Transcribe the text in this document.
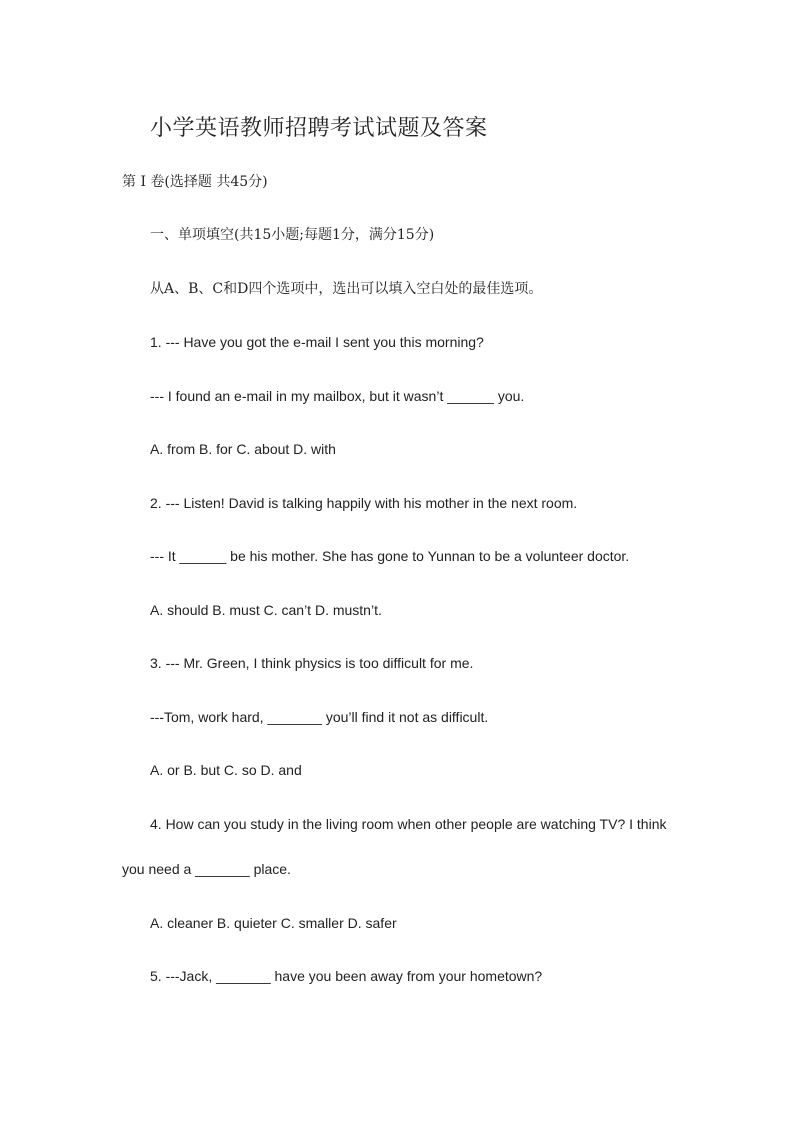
小学英语教师招聘考试试题及答案
第 I 卷(选择题 共45分)
一、单项填空(共15小题;每题1分，满分15分)
从A、B、C和D四个选项中，选出可以填入空白处的最佳选项。
1. --- Have you got the e-mail I sent you this morning?
--- I found an e-mail in my mailbox, but it wasn’t ______ you.
A. from B. for C. about D. with
2. --- Listen! David is talking happily with his mother in the next room.
--- It ______ be his mother. She has gone to Yunnan to be a volunteer doctor.
A. should B. must C. can’t D. mustn’t.
3. --- Mr. Green, I think physics is too difficult for me.
---Tom, work hard, _______ you’ll find it not as difficult.
A. or B. but C. so D. and
4. How can you study in the living room when other people are watching TV? I think
you need a _______ place.
A. cleaner B. quieter C. smaller D. safer
5. ---Jack, _______ have you been away from your hometown?
